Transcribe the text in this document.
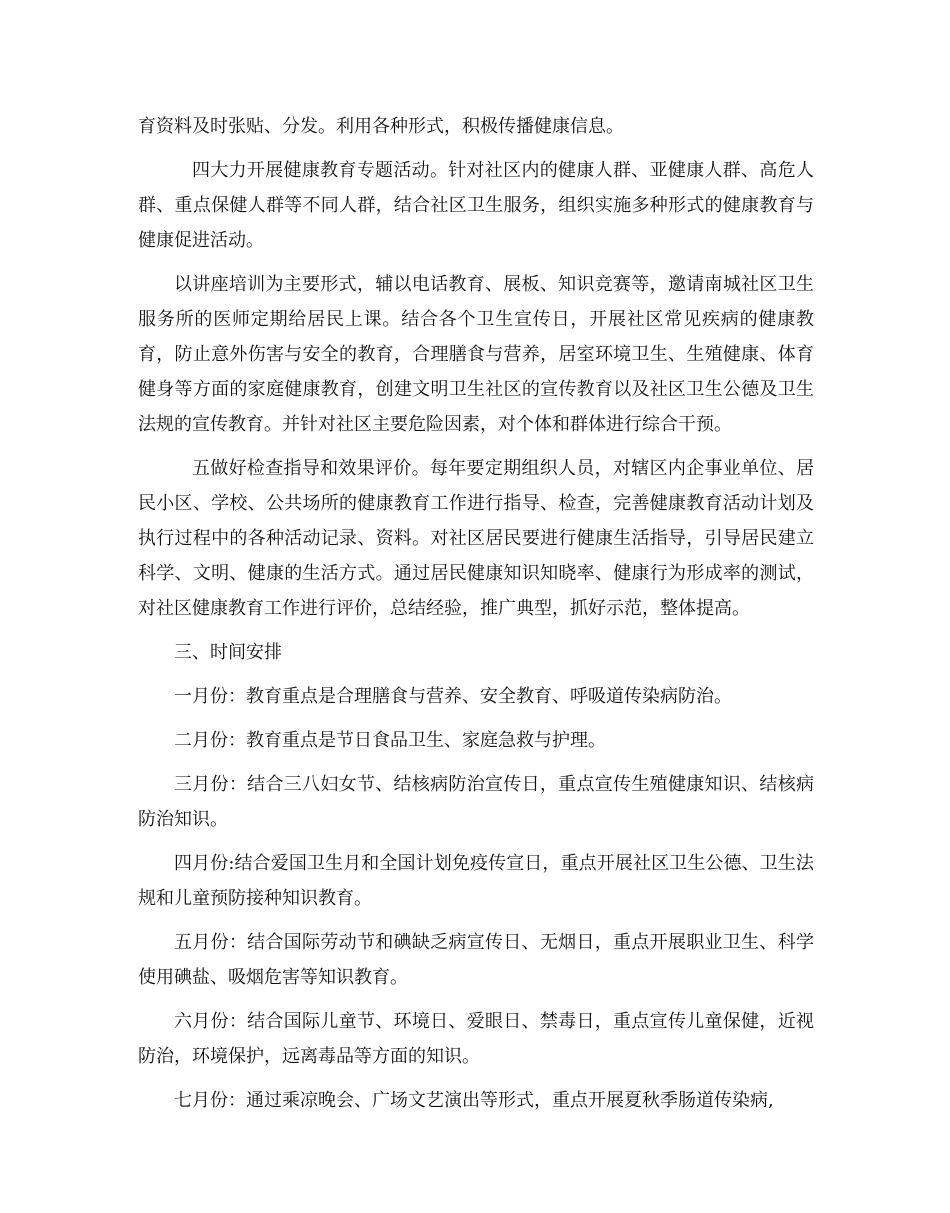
育资料及时张贴、分发。利用各种形式，积极传播健康信息。

四大力开展健康教育专题活动。针对社区内的健康人群、亚健康人群、高危人群、重点保健人群等不同人群，结合社区卫生服务，组织实施多种形式的健康教育与健康促进活动。

以讲座培训为主要形式，辅以电话教育、展板、知识竞赛等，邀请南城社区卫生服务所的医师定期给居民上课。结合各个卫生宣传日，开展社区常见疾病的健康教育，防止意外伤害与安全的教育，合理膳食与营养，居室环境卫生、生殖健康、体育健身等方面的家庭健康教育，创建文明卫生社区的宣传教育以及社区卫生公德及卫生法规的宣传教育。并针对社区主要危险因素，对个体和群体进行综合干预。

五做好检查指导和效果评价。每年要定期组织人员，对辖区内企事业单位、居民小区、学校、公共场所的健康教育工作进行指导、检查，完善健康教育活动计划及执行过程中的各种活动记录、资料。对社区居民要进行健康生活指导，引导居民建立科学、文明、健康的生活方式。通过居民健康知识知晓率、健康行为形成率的测试，对社区健康教育工作进行评价，总结经验，推广典型，抓好示范，整体提高。

三、时间安排

一月份：教育重点是合理膳食与营养、安全教育、呼吸道传染病防治。

二月份：教育重点是节日食品卫生、家庭急救与护理。

三月份：结合三八妇女节、结核病防治宣传日，重点宣传生殖健康知识、结核病防治知识。

四月份:结合爱国卫生月和全国计划免疫传宣日，重点开展社区卫生公德、卫生法规和儿童预防接种知识教育。

五月份：结合国际劳动节和碘缺乏病宣传日、无烟日，重点开展职业卫生、科学使用碘盐、吸烟危害等知识教育。

六月份：结合国际儿童节、环境日、爱眼日、禁毒日，重点宣传儿童保健，近视防治，环境保护，远离毒品等方面的知识。

七月份：通过乘凉晚会、广场文艺演出等形式，重点开展夏秋季肠道传染病,
